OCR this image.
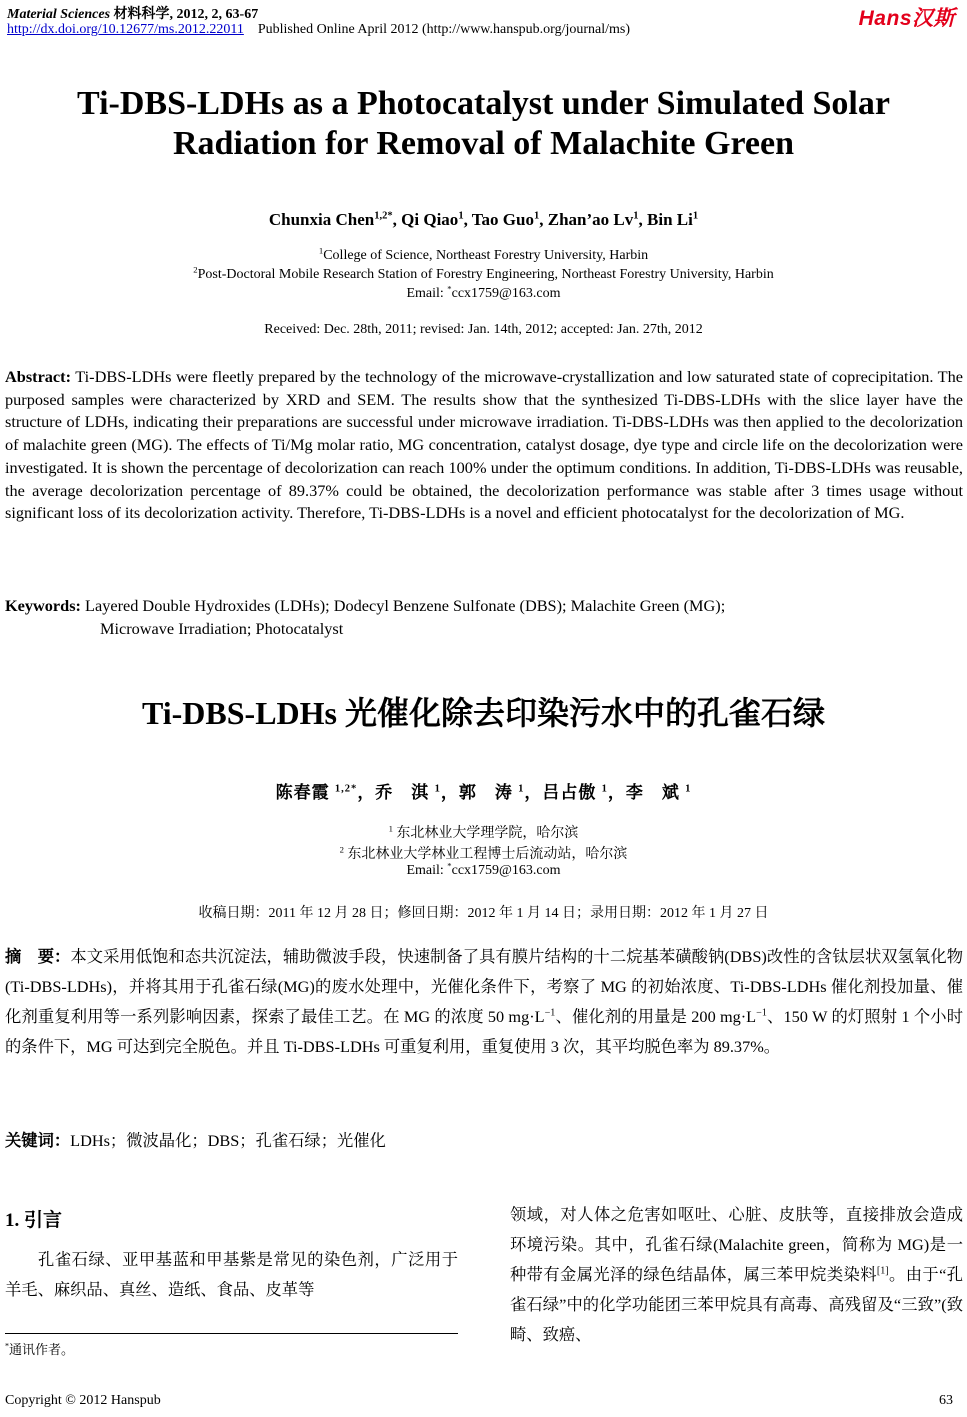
Material Sciences 材料科学, 2012, 2, 63-67
http://dx.doi.org/10.12677/ms.2012.22011 Published Online April 2012 (http://www.hanspub.org/journal/ms)	Hans汉斯
Ti-DBS-LDHs as a Photocatalyst under Simulated Solar
Radiation for Removal of Malachite Green
Chunxia Chen$^{1,2*}$, Qi Qiao$^1$, Tao Guo$^1$, Zhan’ao Lv$^1$, Bin Li$^1$
$^1$College of Science, Northeast Forestry University, Harbin
$^2$Post-Doctoral Mobile Research Station of Forestry Engineering, Northeast Forestry University, Harbin
Email: *ccx1759@163.com
Received: Dec. 28th, 2011; revised: Jan. 14th, 2012; accepted: Jan. 27th, 2012
Abstract: Ti-DBS-LDHs were fleetly prepared by the technology of the microwave-crystallization and low saturated state of coprecipitation. The purposed samples were characterized by XRD and SEM. The results show that the synthesized Ti-DBS-LDHs with the slice layer have the structure of LDHs, indicating their preparations are successful under microwave irradiation. Ti-DBS-LDHs was then applied to the decolorization of malachite green (MG). The effects of Ti/Mg molar ratio, MG concentration, catalyst dosage, dye type and circle life on the decolorization were investigated. It is shown the percentage of decolorization can reach 100% under the optimum conditions. In addition, Ti-DBS-LDHs was reusable, the average decolorization percentage of 89.37% could be obtained, the decolorization performance was stable after 3 times usage without significant loss of its decolorization activity. Therefore, Ti-DBS-LDHs is a novel and efficient photocatalyst for the decolorization of MG.
Keywords: Layered Double Hydroxides (LDHs); Dodecyl Benzene Sulfonate (DBS); Malachite Green (MG);
Microwave Irradiation; Photocatalyst
Ti-DBS-LDHs 光催化除去印染污水中的孔雀石绿
陈春霞 $^{1,2*}$，乔　淇 $^1$，郭　涛 $^1$，吕占傲 $^1$，李　斌 $^1$
$^1$ 东北林业大学理学院，哈尔滨
$^2$ 东北林业大学林业工程博士后流动站，哈尔滨
Email: *ccx1759@163.com
收稿日期：2011 年 12 月 28 日；修回日期：2012 年 1 月 14 日；录用日期：2012 年 1 月 27 日
摘　要：本文采用低饱和态共沉淀法，辅助微波手段，快速制备了具有膜片结构的十二烷基苯磺酸钠(DBS)改性的含钛层状双氢氧化物(Ti-DBS-LDHs)，并将其用于孔雀石绿(MG)的废水处理中，光催化条件下，考察了 MG 的初始浓度、Ti-DBS-LDHs 催化剂投加量、催化剂重复利用等一系列影响因素，探索了最佳工艺。在 MG 的浓度 50 $mg\cdot L^{-1}$、催化剂的用量是 200 $mg\cdot L^{-1}$、150 W 的灯照射 1 个小时的条件下，MG 可达到完全脱色。并且 Ti-DBS-LDHs 可重复利用，重复使用 3 次，其平均脱色率为 89.37%。
关键词：LDHs；微波晶化；DBS；孔雀石绿；光催化
1. 引言
孔雀石绿、亚甲基蓝和甲基紫是常见的染色剂，广泛用于羊毛、麻织品、真丝、造纸、食品、皮革等
领域，对人体之危害如呕吐、心脏、皮肤等，直接排放会造成环境污染。其中，孔雀石绿(Malachite green，简称为 MG)是一种带有金属光泽的绿色结晶体，属三苯甲烷类染料[1]。由于“孔雀石绿”中的化学功能团三苯甲烷具有高毒、高残留及“三致”(致畸、致癌、
*通讯作者。
Copyright © 2012 Hanspub	63
